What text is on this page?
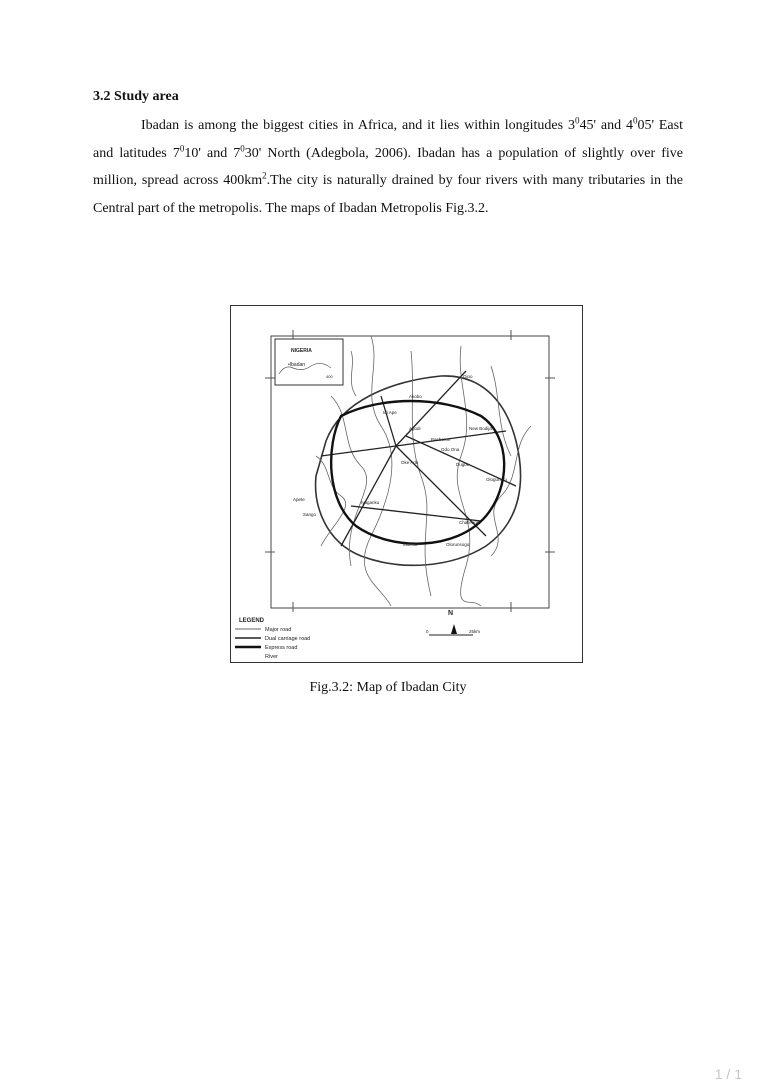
3.2 Study area
Ibadan is among the biggest cities in Africa, and it lies within longitudes $3^045'$ and $4^005'$ East and latitudes $7^010'$ and $7^030'$ North (Adegbola, 2006). Ibadan has a population of slightly over five million, spread across $400km^2.The$ city is naturally drained by four rivers with many tributaries in the Central part of the metropolis. The maps of Ibadan Metropolis Fig.3.2.
NIGERIA
•Ibadan
400	Ojoo
Akobo
Bashorun
Agodi	New Bodija
Dugbe
Mokola
Apete
Iyaganku
Challenge
Sango
Ologuneru
Odo Ona
Olorunsogo
Oke Ado
Idi Ape
N
0	25km
LEGEND
Major road
Dual carriage road
Express road
River
Fig.3.2: Map of Ibadan City
1 / 1
